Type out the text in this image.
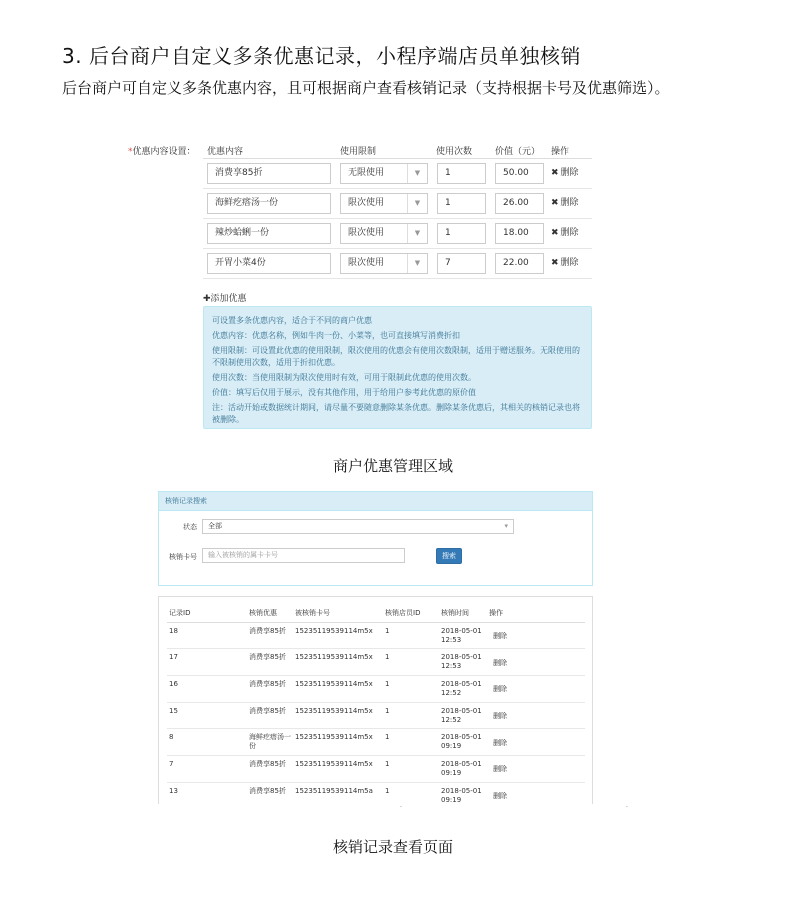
3. 后台商户自定义多条优惠记录，小程序端店员单独核销
后台商户可自定义多条优惠内容，且可根据商户查看核销记录（支持根据卡号及优惠筛选）。
*优惠内容设置： 优惠内容	使用限制	使用次数	价值（元） 操作
消费享85折	无限使用	▼	1	50.00	✖ 删除
海鲜疙瘩汤一份	限次使用	▼	1	26.00	✖ 删除
辣炒蛤蜊一份	限次使用	▼	1	18.00	✖ 删除
开胃小菜4份	限次使用	▼	7	22.00	✖ 删除
✚添加优惠

可设置多条优惠内容，适合于不同的商户优惠

优惠内容：优惠名称，例如牛肉一份、小菜等，也可直接填写消费折扣

使用限制：可设置此优惠的使用限制，限次使用的优惠会有使用次数限制，适用于赠送服务。无限使用的不限制使用次数，适用于折扣优惠。

使用次数：当使用限制为限次使用时有效，可用于限制此优惠的使用次数。

价值：填写后仅用于展示，没有其他作用，用于给用户参考此优惠的原价值

注：活动开始或数据统计期间，请尽量不要随意删除某条优惠。删除某条优惠后，其相关的核销记录也将被删除。

商户优惠管理区域
核销记录搜索
状态	全部	▾
核销卡号	输入被核销的属卡卡号	搜索
记录ID	核销优惠	被核销卡号	核销店员ID	核销时间	操作
18	消费享85折	15235119539114m5x	1	2018-05-01
12:53	删除
17	消费享85折	15235119539114m5x	1	2018-05-01
12:53	删除
16	消费享85折	15235119539114m5x	1	2018-05-01
12:52	删除
15	消费享85折	15235119539114m5x	1	2018-05-01
12:52	删除
8	海鲜疙瘩汤一份	15235119539114m5x	1	2018-05-01
09:19	删除
7	消费享85折	15235119539114m5x	1	2018-05-01
09:19	删除
13	消费享85折	15235119539114m5a	1	2018-05-01
09:19	删除
·	·
核销记录查看页面
